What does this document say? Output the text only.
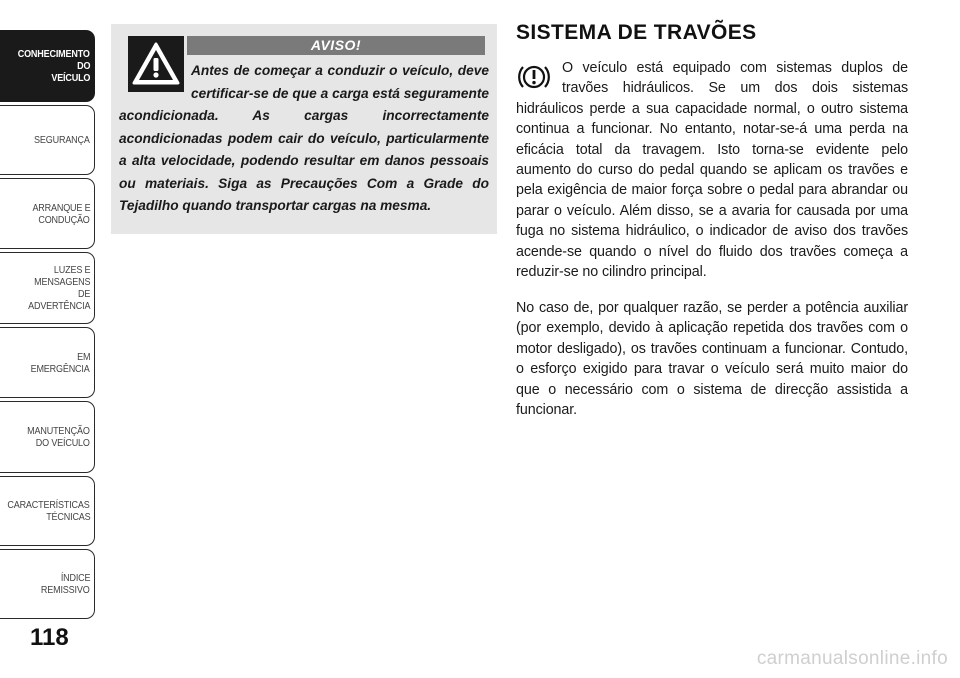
CONHECIMENTO
DO
VEÍCULO
SEGURANÇA
ARRANQUE E
CONDUÇÃO
LUZES E
MENSAGENS
DE
ADVERTÊNCIA
EM
EMERGÊNCIA
MANUTENÇÃO
DO VEÍCULO
CARACTERÍSTICAS
TÉCNICAS
ÍNDICE
REMISSIVO
118
AVISO!

Antes de começar a conduzir o veículo, deve certificar-se de que a carga está seguramente acondicionada. As cargas incorrectamente acondicionadas podem cair do veículo, particularmente a alta velocidade, podendo resultar em danos pessoais ou materiais. Siga as Precauções Com a Grade do Tejadilho quando transportar cargas na mesma.

SISTEMA DE TRAVÕES

O veículo está equipado com sistemas duplos de travões hidráulicos. Se um dos dois sistemas hidráulicos perde a sua capacidade normal, o outro sistema continua a funcionar. No entanto, notar-se-á uma perda na eficácia total da travagem. Isto torna-se evidente pelo aumento do curso do pedal quando se aplicam os travões e pela exigência de maior força sobre o pedal para abrandar ou parar o veículo. Além disso, se a avaria for causada por uma fuga no sistema hidráulico, o indicador de aviso dos travões acende-se quando o nível do fluido dos travões começa a reduzir-se no cilindro principal.

No caso de, por qualquer razão, se perder a potência auxiliar (por exemplo, devido à aplicação repetida dos travões com o motor desligado), os travões continuam a funcionar. Contudo, o esforço exigido para travar o veículo será muito maior do que o necessário com o sistema de direcção assistida a funcionar.

carmanualsonline.info
